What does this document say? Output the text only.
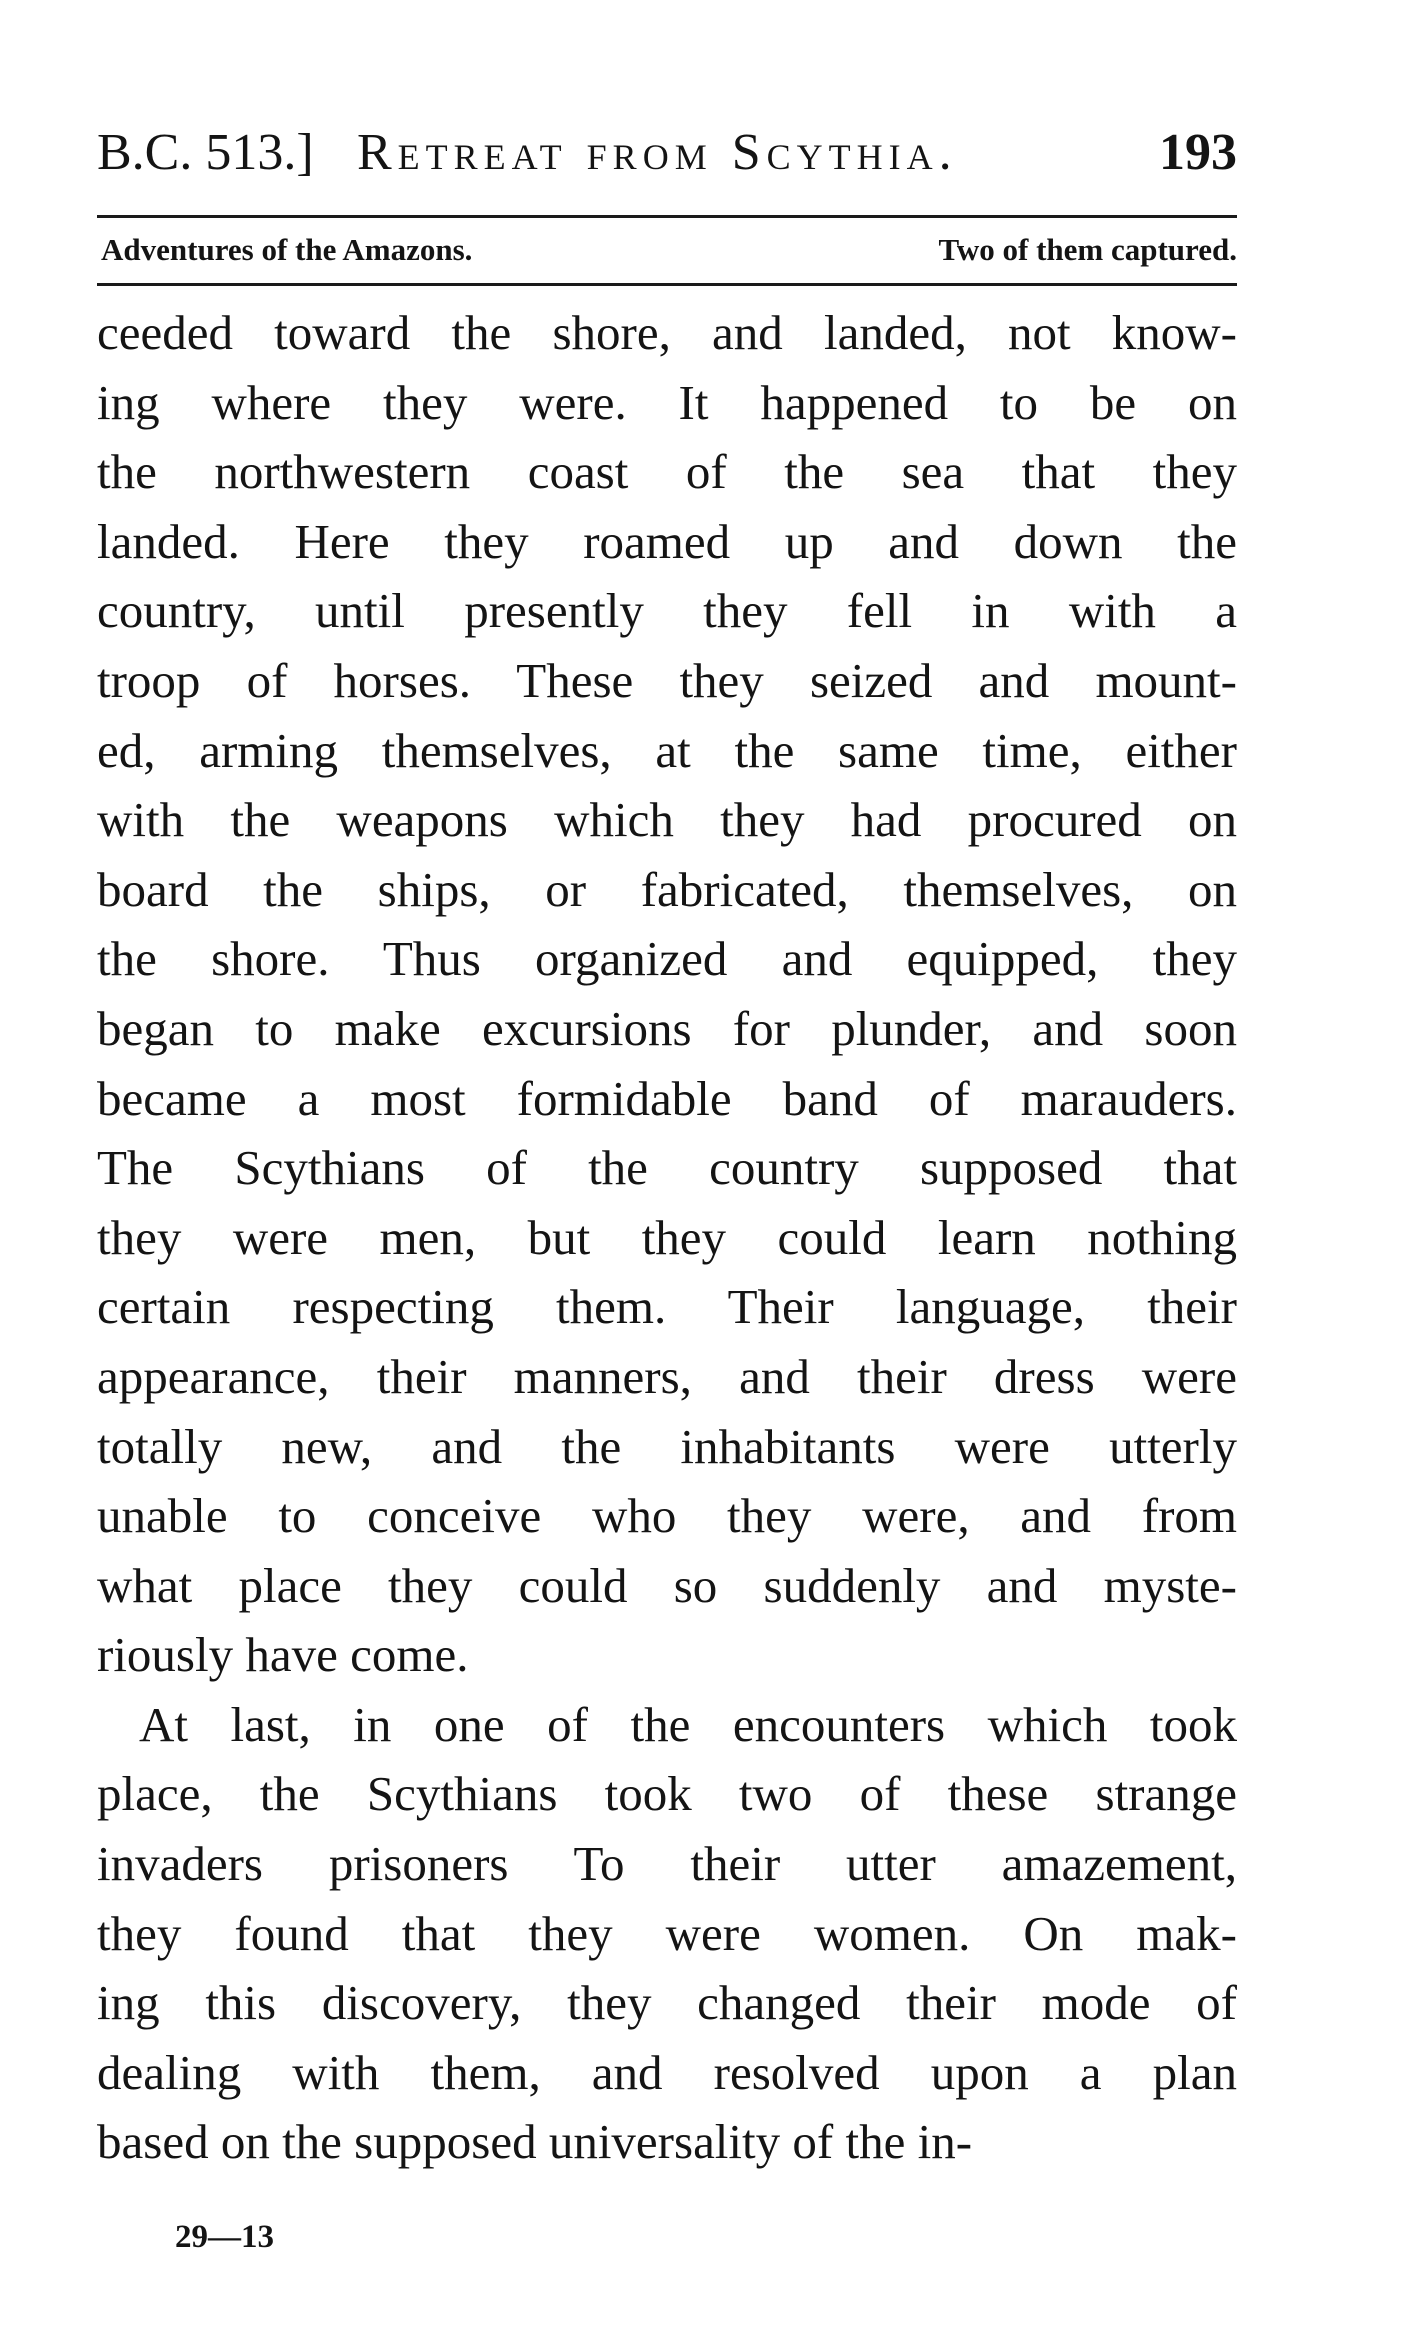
B.C. 513.] Retreat from Scythia.	193
Adventures of the Amazons.	Two of them captured.
ceeded toward the shore, and landed, not know-
ing where they were. It happened to be on
the northwestern coast of the sea that they
landed. Here they roamed up and down the
country, until presently they fell in with a
troop of horses. These they seized and mount-
ed, arming themselves, at the same time, either
with the weapons which they had procured on
board the ships, or fabricated, themselves, on
the shore. Thus organized and equipped, they
began to make excursions for plunder, and soon
became a most formidable band of marauders.
The Scythians of the country supposed that
they were men, but they could learn nothing
certain respecting them. Their language, their
appearance, their manners, and their dress were
totally new, and the inhabitants were utterly
unable to conceive who they were, and from
what place they could so suddenly and myste-
riously have come.
At last, in one of the encounters which took
place, the Scythians took two of these strange
invaders prisoners To their utter amazement,
they found that they were women. On mak-
ing this discovery, they changed their mode of
dealing with them, and resolved upon a plan
based on the supposed universality of the in-
29—13
